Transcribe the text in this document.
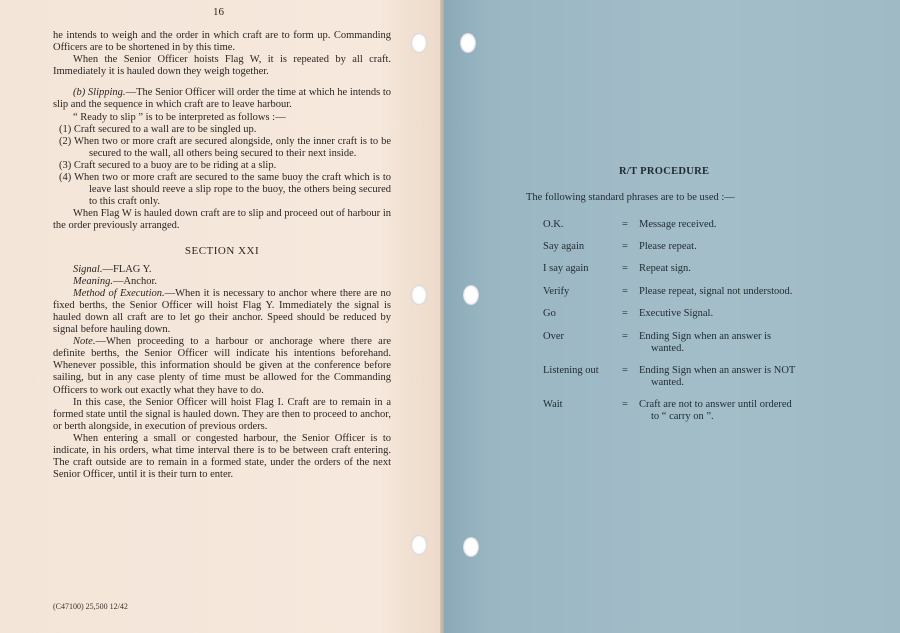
16

he intends to weigh and the order in which craft are to form up. Commanding Officers are to be shortened in by this time.

When the Senior Officer hoists Flag W, it is repeated by all craft. Immediately it is hauled down they weigh together.

(b) Slipping.—The Senior Officer will order the time at which he intends to slip and the sequence in which craft are to leave harbour.

“ Ready to slip ” is to be interpreted as follows :—

(1) Craft secured to a wall are to be singled up.

(2) When two or more craft are secured alongside, only the inner craft is to be secured to the wall, all others being secured to their next inside.

(3) Craft secured to a buoy are to be riding at a slip.

(4) When two or more craft are secured to the same buoy the craft which is to leave last should reeve a slip rope to the buoy, the others being secured to this craft only.

When Flag W is hauled down craft are to slip and proceed out of harbour in the order previously arranged.

SECTION XXI

Signal.—FLAG Y.

Meaning.—Anchor.

Method of Execution.—When it is necessary to anchor where there are no fixed berths, the Senior Officer will hoist Flag Y. Immediately the signal is hauled down all craft are to let go their anchor. Speed should be reduced by signal before hauling down.

Note.—When proceeding to a harbour or anchorage where there are definite berths, the Senior Officer will indicate his intentions beforehand. Whenever possible, this information should be given at the conference before sailing, but in any case plenty of time must be allowed for the Commanding Officers to work out exactly what they have to do.

In this case, the Senior Officer will hoist Flag I. Craft are to remain in a formed state until the signal is hauled down. They are then to proceed to anchor, or berth alongside, in execution of previous orders.

When entering a small or congested harbour, the Senior Officer is to indicate, in his orders, what time interval there is to be between craft entering. The craft outside are to remain in a formed state, under the orders of the next Senior Officer, until it is their turn to enter.

(C47100) 25,500 12/42
R/T PROCEDURE
The following standard phrases are to be used :—
O.K.	= Message received.
Say again	= Please repeat.
I say again	= Repeat sign.
Verify	= Please repeat, signal not understood.
Go	= Executive Signal.
Over	= Ending Sign when an answer is
wanted.
Listening out = Ending Sign when an answer is NOT
wanted.
Wait	= Craft are not to answer until ordered
to “ carry on ”.
